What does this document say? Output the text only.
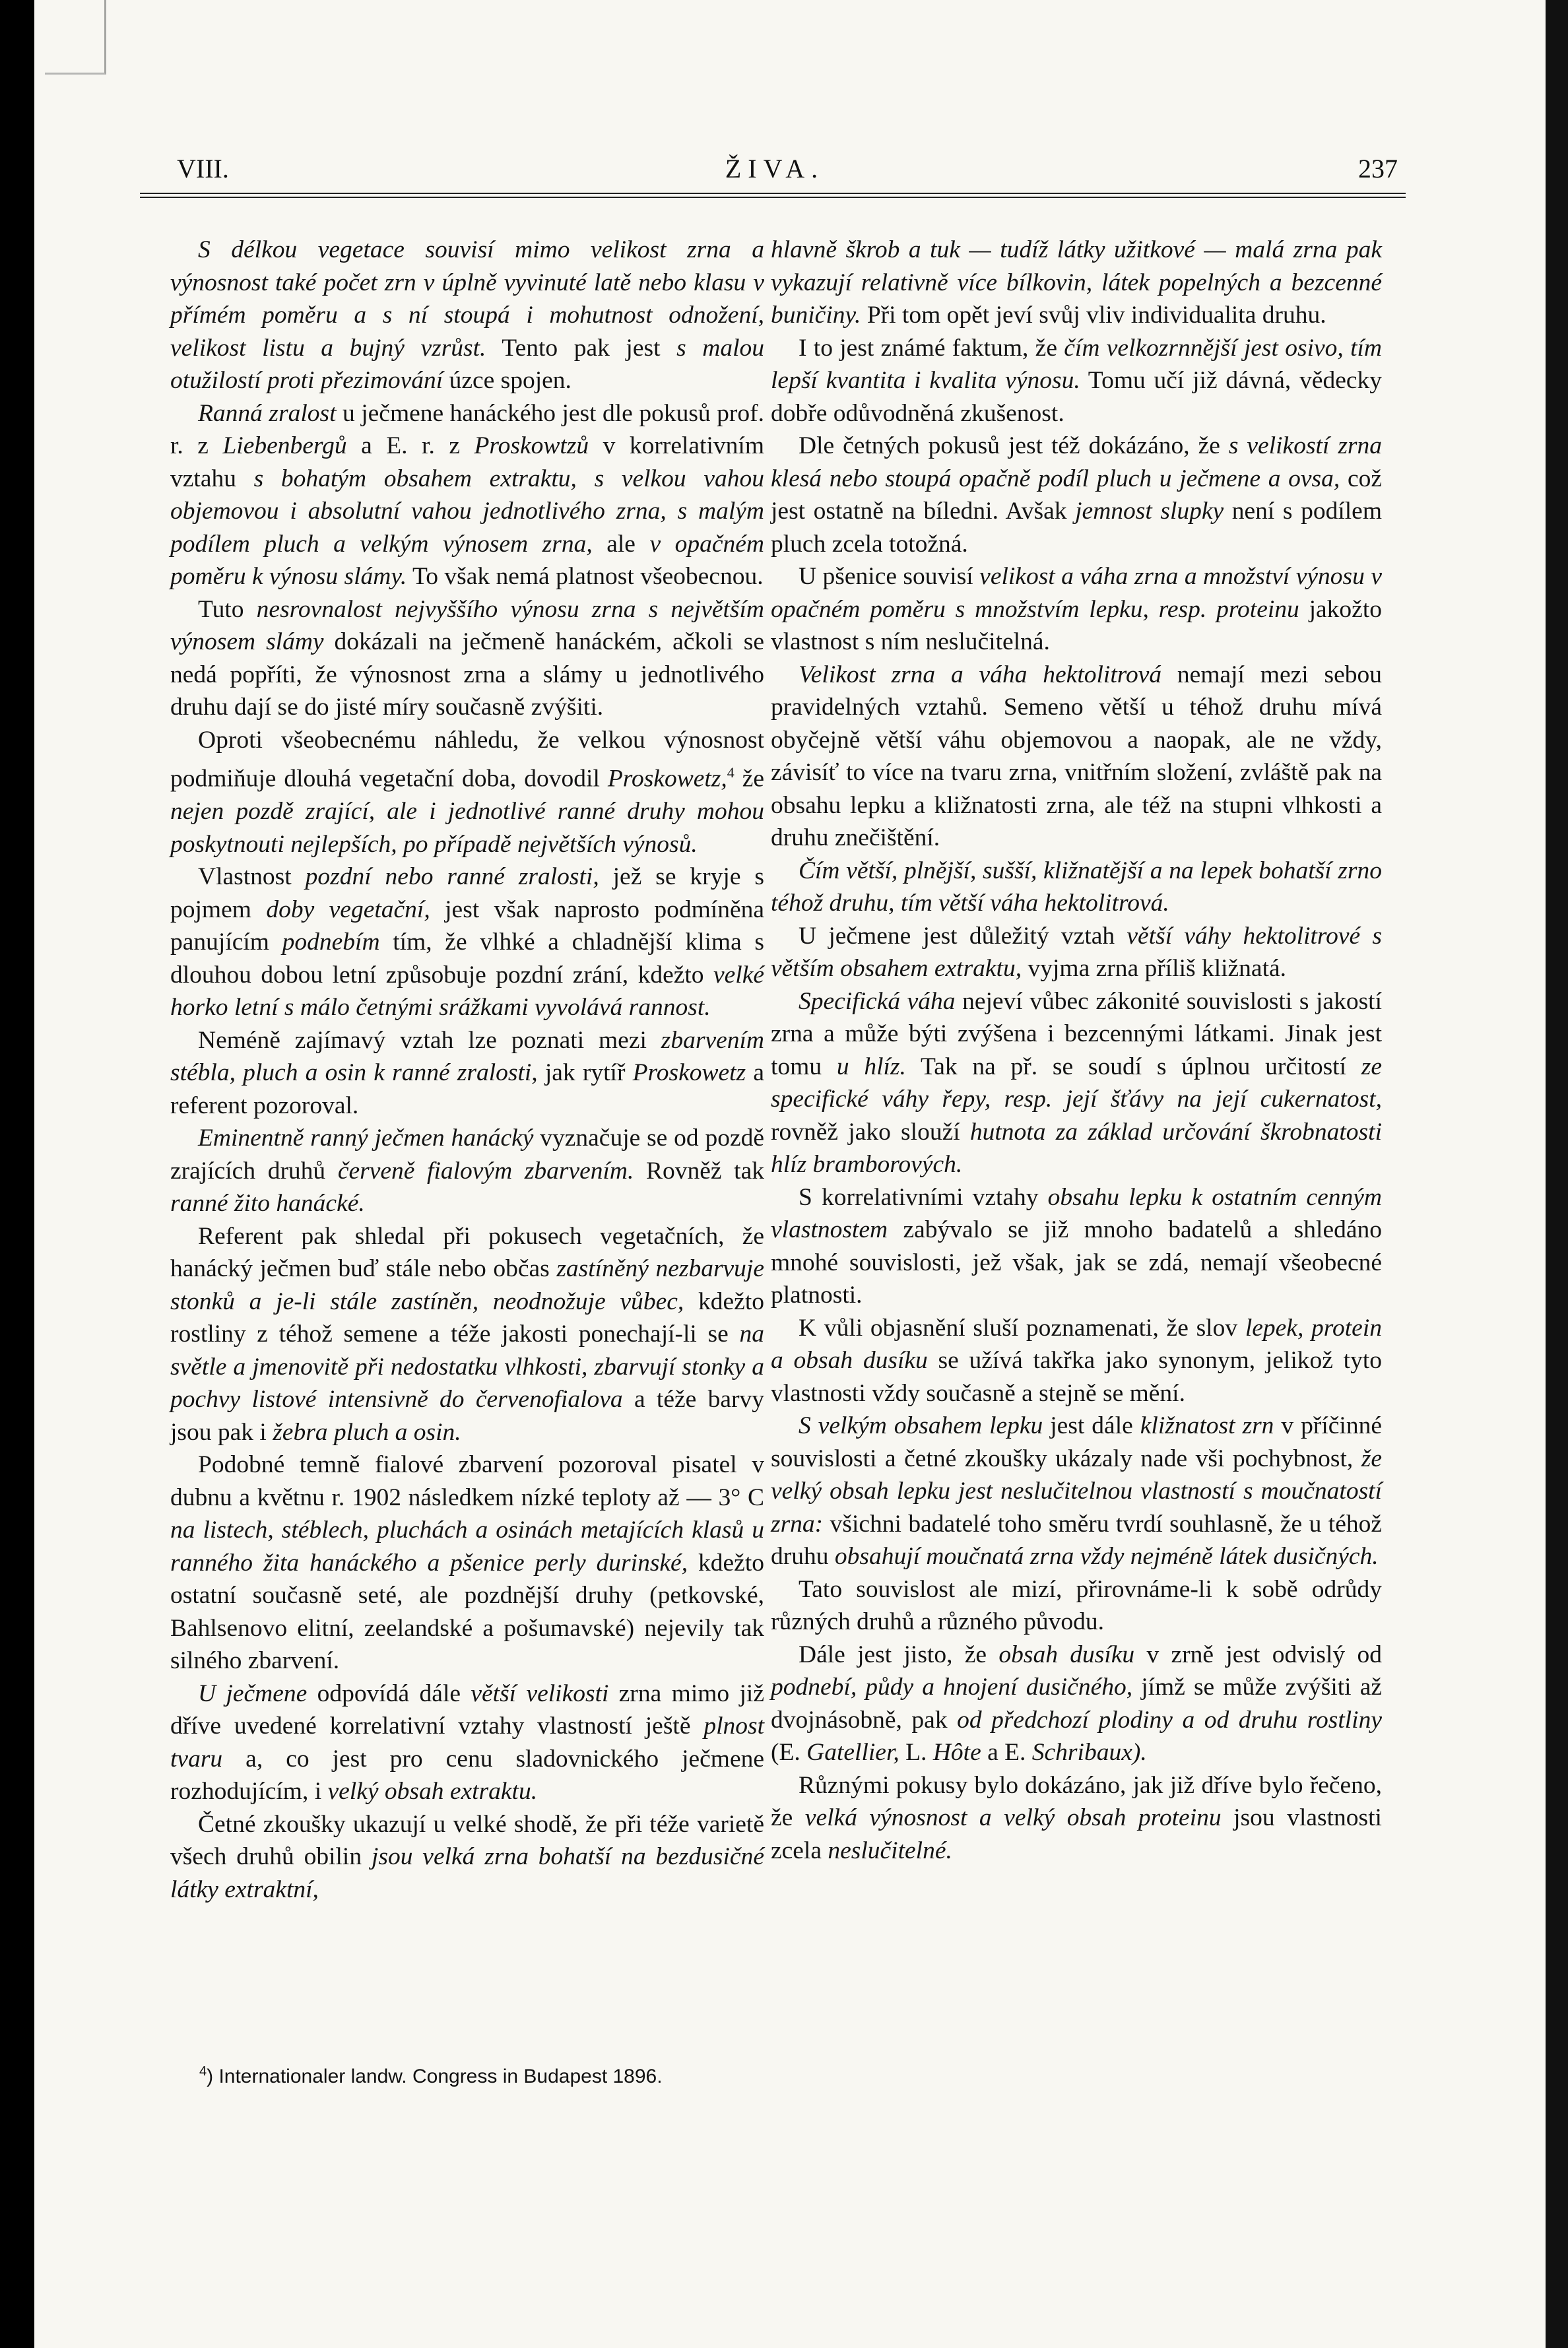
VIII.	ŽIVA.	237

S délkou vegetace souvisí mimo velikost zrna a výnosnost také počet zrn v úplně vyvinuté latě nebo klasu v přímém poměru a s ní stoupá i mohutnost odnožení, velikost listu a bujný vzrůst. Tento pak jest s malou otužilostí proti přezimování úzce spojen.

Ranná zralost u ječmene hanáckého jest dle pokusů prof. r. z Liebenbergů a E. r. z Proskowtzů v korrelativním vztahu s bohatým obsahem extraktu, s velkou vahou objemovou i absolutní vahou jednotlivého zrna, s malým podílem pluch a velkým výnosem zrna, ale v opačném poměru k výnosu slámy. To však nemá platnost všeobecnou.

Tuto nesrovnalost nejvyššího výnosu zrna s největším výnosem slámy dokázali na ječmeně hanáckém, ačkoli se nedá popříti, že výnosnost zrna a slámy u jednotlivého druhu dají se do jisté míry současně zvýšiti.

Oproti všeobecnému náhledu, že velkou výnosnost podmiňuje dlouhá vegetační doba, dovodil Proskowetz,$^4$ že nejen pozdě zrající, ale i jednotlivé ranné druhy mohou poskytnouti nejlepších, po případě největších výnosů.

Vlastnost pozdní nebo ranné zralosti, jež se kryje s pojmem doby vegetační, jest však naprosto podmíněna panujícím podnebím tím, že vlhké a chladnější klima s dlouhou dobou letní způsobuje pozdní zrání, kdežto velké horko letní s málo četnými srážkami vyvolává rannost.

Neméně zajímavý vztah lze poznati mezi zbarvením stébla, pluch a osin k ranné zralosti, jak rytíř Proskowetz a referent pozoroval.

Eminentně ranný ječmen hanácký vyznačuje se od pozdě zrajících druhů červeně fialovým zbarvením. Rovněž tak ranné žito hanácké.

Referent pak shledal při pokusech vegetačních, že hanácký ječmen buď stále nebo občas zastíněný nezbarvuje stonků a je-li stále zastíněn, neodnožuje vůbec, kdežto rostliny z téhož semene a téže jakosti ponechají-li se na světle a jmenovitě při nedostatku vlhkosti, zbarvují stonky a pochvy listové intensivně do červenofialova a téže barvy jsou pak i žebra pluch a osin.

Podobné temně fialové zbarvení pozoroval pisatel v dubnu a květnu r. 1902 následkem nízké teploty až — 3° C na listech, stéblech, pluchách a osinách metajících klasů u ranného žita hanáckého a pšenice perly durinské, kdežto ostatní současně seté, ale pozdnější druhy (petkovské, Bahlsenovo elitní, zeelandské a pošumavské) nejevily tak silného zbarvení.

U ječmene odpovídá dále větší velikosti zrna mimo již dříve uvedené korrelativní vztahy vlastností ještě plnost tvaru a, co jest pro cenu sladovnického ječmene rozhodujícím, i velký obsah extraktu.

Četné zkoušky ukazují u velké shodě, že při téže varietě všech druhů obilin jsou velká zrna bohatší na bezdusičné látky extraktní,

hlavně škrob a tuk — tudíž látky užitkové — malá zrna pak vykazují relativně více bílkovin, látek popelných a bezcenné buničiny. Při tom opět jeví svůj vliv individualita druhu.

I to jest známé faktum, že čím velkozrnnější jest osivo, tím lepší kvantita i kvalita výnosu. Tomu učí již dávná, vědecky dobře odůvodněná zkušenost.

Dle četných pokusů jest též dokázáno, že s velikostí zrna klesá nebo stoupá opačně podíl pluch u ječmene a ovsa, což jest ostatně na bíledni. Avšak jemnost slupky není s podílem pluch zcela totožná.

U pšenice souvisí velikost a váha zrna a množství výnosu v opačném poměru s množstvím lepku, resp. proteinu jakožto vlastnost s ním neslučitelná.

Velikost zrna a váha hektolitrová nemají mezi sebou pravidelných vztahů. Semeno větší u téhož druhu mívá obyčejně větší váhu objemovou a naopak, ale ne vždy, závisíť to více na tvaru zrna, vnitřním složení, zvláště pak na obsahu lepku a kližnatosti zrna, ale též na stupni vlhkosti a druhu znečištění.

Čím větší, plnější, sušší, kližnatější a na lepek bohatší zrno téhož druhu, tím větší váha hektolitrová.

U ječmene jest důležitý vztah větší váhy hektolitrové s větším obsahem extraktu, vyjma zrna příliš kližnatá.

Specifická váha nejeví vůbec zákonité souvislosti s jakostí zrna a může býti zvýšena i bezcennými látkami. Jinak jest tomu u hlíz. Tak na př. se soudí s úplnou určitostí ze specifické váhy řepy, resp. její šťávy na její cukernatost, rovněž jako slouží hutnota za základ určování škrobnatosti hlíz bramborových.

S korrelativními vztahy obsahu lepku k ostatním cenným vlastnostem zabývalo se již mnoho badatelů a shledáno mnohé souvislosti, jež však, jak se zdá, nemají všeobecné platnosti.

K vůli objasnění sluší poznamenati, že slov lepek, protein a obsah dusíku se užívá takřka jako synonym, jelikož tyto vlastnosti vždy současně a stejně se mění.

S velkým obsahem lepku jest dále kližnatost zrn v příčinné souvislosti a četné zkoušky ukázaly nade vši pochybnost, že velký obsah lepku jest neslučitelnou vlastností s moučnatostí zrna: všichni badatelé toho směru tvrdí souhlasně, že u téhož druhu obsahují moučnatá zrna vždy nejméně látek dusičných.

Tato souvislost ale mizí, přirovnáme-li k sobě odrůdy různých druhů a různého původu.

Dále jest jisto, že obsah dusíku v zrně jest odvislý od podnebí, půdy a hnojení dusičného, jímž se může zvýšiti až dvojnásobně, pak od předchozí plodiny a od druhu rostliny (E. Gatellier, L. Hôte a E. Schribaux).

Různými pokusy bylo dokázáno, jak již dříve bylo řečeno, že velká výnosnost a velký obsah proteinu jsou vlastnosti zcela neslučitelné.

$^4$) Internationaler landw. Congress in Budapest 1896.
